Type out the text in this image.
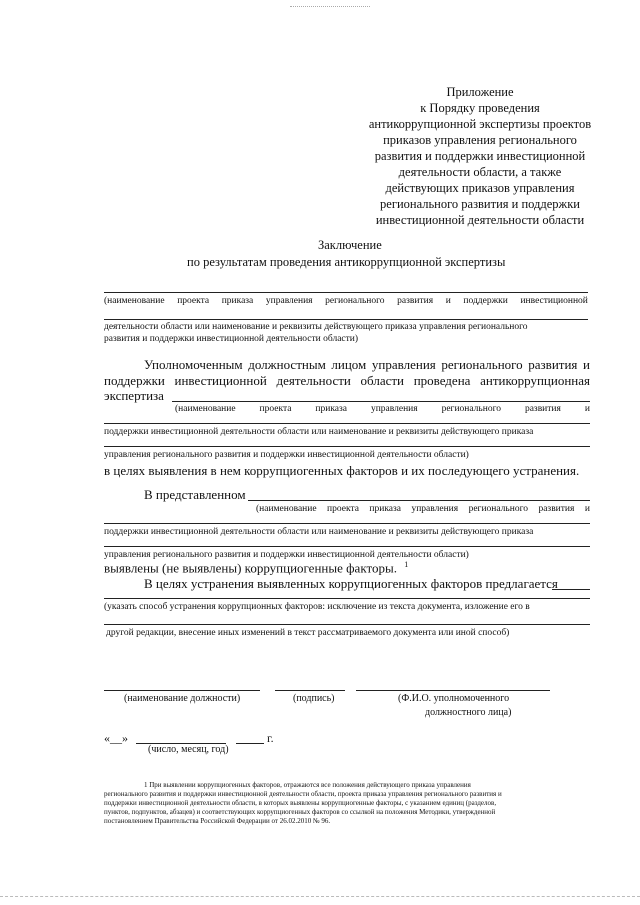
Приложение
к Порядку проведения
антикоррупционной экспертизы проектов
приказов управления регионального
развития и поддержки инвестиционной
деятельности области, а также
действующих приказов управления
регионального развития и поддержки
инвестиционной деятельности области
Заключение
по результатам проведения антикоррупционной экспертизы
(наименование проекта приказа управления регионального развития и поддержки инвестиционной
деятельности области или наименование и реквизиты действующего приказа управления регионального
развития и поддержки инвестиционной деятельности области)
Уполномоченным должностным лицом управления регионального развития и
поддержки инвестиционной деятельности области проведена антикоррупционная
экспертиза
(наименование	проекта	приказа	управления	регионального	развития	и
поддержки инвестиционной деятельности области или наименование и реквизиты действующего приказа
управления регионального развития и поддержки инвестиционной деятельности области)
в целях выявления в нем коррупциогенных факторов и их последующего устранения.
В представленном
(наименование проекта приказа управления регионального развития и
поддержки инвестиционной деятельности области или наименование и реквизиты действующего приказа
управления регионального развития и поддержки инвестиционной деятельности области)
выявлены (не выявлены) коррупциогенные факторы. $^1$
В целях устранения выявленных коррупциогенных факторов предлагается
(указать способ устранения коррупционных факторов: исключение из текста документа, изложение его в
другой редакции, внесение иных изменений в текст рассматриваемого документа или иной способ)
(наименование должности)	(подпись)	(Ф.И.О. уполномоченного
должностного лица)
«__»	г.
(число, месяц, год)
1 При выявлении коррупциогенных факторов, отражаются все положения действующего приказа управления
регионального развития и поддержки инвестиционной деятельности области, проекта приказа управления регионального развития и
поддержки инвестиционной деятельности области, в которых выявлены коррупциогенные факторы, с указанием единиц (разделов,
пунктов, подпунктов, абзацев) и соответствующих коррупциогенных факторов со ссылкой на положения Методики, утвержденной
постановлением Правительства Российской Федерации от 26.02.2010 № 96.
